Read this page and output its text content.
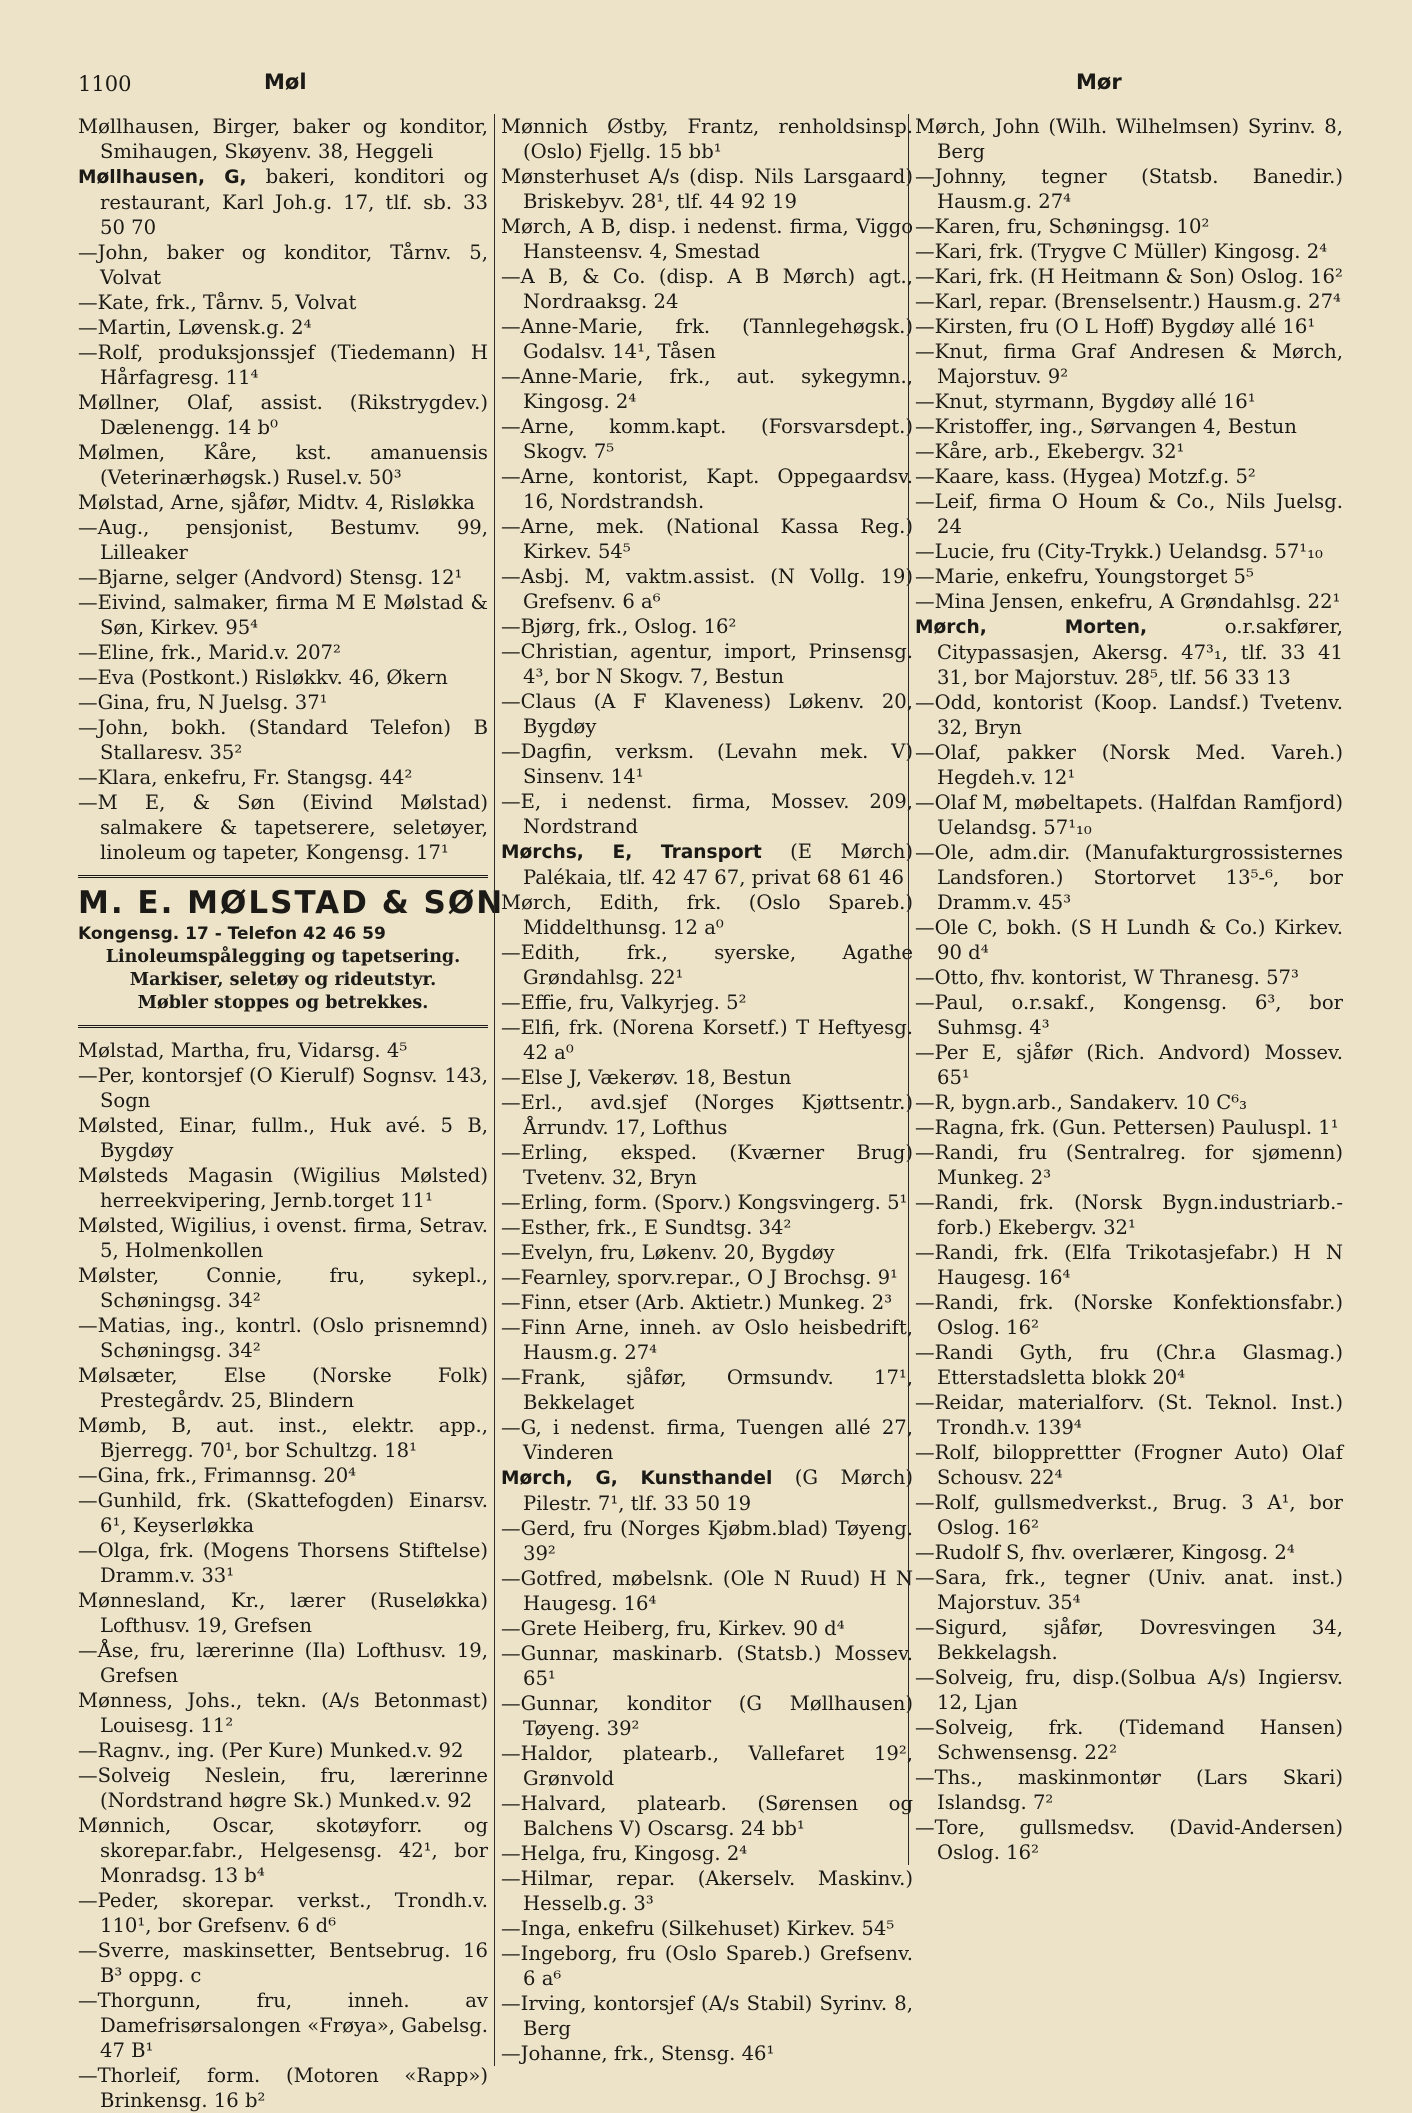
1100	Møl	Mør

Møllhausen, Birger, baker og konditor, Smihaugen, Skøyenv. 38, Heggeli

Møllhausen, G, bakeri, konditori og restaurant, Karl Joh.g. 17, tlf. sb. 33 50 70

—John, baker og konditor, Tårnv. 5, Volvat

—Kate, frk., Tårnv. 5, Volvat

—Martin, Løvensk.g. 2⁴

—Rolf, produksjonssjef (Tiedemann) H Hårfagresg. 11⁴

Møllner, Olaf, assist. (Rikstrygdev.) Dælenengg. 14 b⁰

Mølmen, Kåre, kst. amanuensis (Veterinærhøgsk.) Rusel.v. 50³

Mølstad, Arne, sjåfør, Midtv. 4, Risløkka

—Aug., pensjonist, Bestumv. 99, Lilleaker

—Bjarne, selger (Andvord) Stensg. 12¹

—Eivind, salmaker, firma M E Mølstad & Søn, Kirkev. 95⁴

—Eline, frk., Marid.v. 207²

—Eva (Postkont.) Risløkkv. 46, Økern

—Gina, fru, N Juelsg. 37¹

—John, bokh. (Standard Telefon) B Stallaresv. 35²

—Klara, enkefru, Fr. Stangsg. 44²

—M E, & Søn (Eivind Mølstad) salmakere & tapetserere, seletøyer, linoleum og tapeter, Kongensg. 17¹

M. E. MØLSTAD & SØN
Kongensg. 17 - Telefon 42 46 59
Linoleumspålegging og tapetsering.
Markiser, seletøy og rideutstyr.
Møbler stoppes og betrekkes.

Mølstad, Martha, fru, Vidarsg. 4⁵

—Per, kontorsjef (O Kierulf) Sognsv. 143, Sogn

Mølsted, Einar, fullm., Huk avé. 5 B, Bygdøy

Mølsteds Magasin (Wigilius Mølsted) herreekvipering, Jernb.torget 11¹

Mølsted, Wigilius, i ovenst. firma, Setrav. 5, Holmenkollen

Mølster, Connie, fru, sykepl., Schøningsg. 34²

—Matias, ing., kontrl. (Oslo prisnemnd) Schøningsg. 34²

Mølsæter, Else (Norske Folk) Prestegårdv. 25, Blindern

Mømb, B, aut. inst., elektr. app., Bjerregg. 70¹, bor Schultzg. 18¹

—Gina, frk., Frimannsg. 20⁴

—Gunhild, frk. (Skattefogden) Einarsv. 6¹, Keyserløkka

—Olga, frk. (Mogens Thorsens Stiftelse) Dramm.v. 33¹

Mønnesland, Kr., lærer (Ruseløkka) Lofthusv. 19, Grefsen

—Åse, fru, lærerinne (Ila) Lofthusv. 19, Grefsen

Mønness, Johs., tekn. (A/s Betonmast) Louisesg. 11²

—Ragnv., ing. (Per Kure) Munked.v. 92

—Solveig Neslein, fru, lærerinne (Nordstrand høgre Sk.) Munked.v. 92

Mønnich, Oscar, skotøyforr. og skorepar.fabr., Helgesensg. 42¹, bor Monradsg. 13 b⁴

—Peder, skorepar. verkst., Trondh.v. 110¹, bor Grefsenv. 6 d⁶

—Sverre, maskinsetter, Bentsebrug. 16 B³ oppg. c

—Thorgunn, fru, inneh. av Damefrisørsalongen «Frøya», Gabelsg. 47 B¹

—Thorleif, form. (Motoren «Rapp») Brinkensg. 16 b²

Mønnich Østby, Frantz, renholdsinsp. (Oslo) Fjellg. 15 bb¹

Mønsterhuset A/s (disp. Nils Larsgaard) Briskebyv. 28¹, tlf. 44 92 19

Mørch, A B, disp. i nedenst. firma, Viggo Hansteensv. 4, Smestad

—A B, & Co. (disp. A B Mørch) agt., Nordraaksg. 24

—Anne-Marie, frk. (Tannlegehøgsk.) Godalsv. 14¹, Tåsen

—Anne-Marie, frk., aut. sykegymn., Kingosg. 2⁴

—Arne, komm.kapt. (Forsvarsdept.) Skogv. 7⁵

—Arne, kontorist, Kapt. Oppegaardsv. 16, Nordstrandsh.

—Arne, mek. (National Kassa Reg.) Kirkev. 54⁵

—Asbj. M, vaktm.assist. (N Vollg. 19) Grefsenv. 6 a⁶

—Bjørg, frk., Oslog. 16²

—Christian, agentur, import, Prinsensg. 4³, bor N Skogv. 7, Bestun

—Claus (A F Klaveness) Løkenv. 20, Bygdøy

—Dagfin, verksm. (Levahn mek. V) Sinsenv. 14¹

—E, i nedenst. firma, Mossev. 209, Nordstrand

Mørchs, E, Transport (E Mørch) Palékaia, tlf. 42 47 67, privat 68 61 46

Mørch, Edith, frk. (Oslo Spareb.) Middelthunsg. 12 a⁰

—Edith, frk., syerske, Agathe Grøndahlsg. 22¹

—Effie, fru, Valkyrjeg. 5²

—Elfi, frk. (Norena Korsetf.) T Heftyesg. 42 a⁰

—Else J, Vækerøv. 18, Bestun

—Erl., avd.sjef (Norges Kjøttsentr.) Årrundv. 17, Lofthus

—Erling, eksped. (Kværner Brug) Tvetenv. 32, Bryn

—Erling, form. (Sporv.) Kongsvingerg. 5¹

—Esther, frk., E Sundtsg. 34²

—Evelyn, fru, Løkenv. 20, Bygdøy

—Fearnley, sporv.repar., O J Brochsg. 9¹

—Finn, etser (Arb. Aktietr.) Munkeg. 2³

—Finn Arne, inneh. av Oslo heisbedrift, Hausm.g. 27⁴

—Frank, sjåfør, Ormsundv. 17¹, Bekkelaget

—G, i nedenst. firma, Tuengen allé 27, Vinderen

Mørch, G, Kunsthandel (G Mørch) Pilestr. 7¹, tlf. 33 50 19

—Gerd, fru (Norges Kjøbm.blad) Tøyeng. 39²

—Gotfred, møbelsnk. (Ole N Ruud) H N Haugesg. 16⁴

—Grete Heiberg, fru, Kirkev. 90 d⁴

—Gunnar, maskinarb. (Statsb.) Mossev. 65¹

—Gunnar, konditor (G Møllhausen) Tøyeng. 39²

—Haldor, platearb., Vallefaret 19², Grønvold

—Halvard, platearb. (Sørensen og Balchens V) Oscarsg. 24 bb¹

—Helga, fru, Kingosg. 2⁴

—Hilmar, repar. (Akerselv. Maskinv.) Hesselb.g. 3³

—Inga, enkefru (Silkehuset) Kirkev. 54⁵

—Ingeborg, fru (Oslo Spareb.) Grefsenv. 6 a⁶

—Irving, kontorsjef (A/s Stabil) Syrinv. 8, Berg

—Johanne, frk., Stensg. 46¹

Mørch, John (Wilh. Wilhelmsen) Syrinv. 8, Berg

—Johnny, tegner (Statsb. Banedir.) Hausm.g. 27⁴

—Karen, fru, Schøningsg. 10²

—Kari, frk. (Trygve C Müller) Kingosg. 2⁴

—Kari, frk. (H Heitmann & Son) Oslog. 16²

—Karl, repar. (Brenselsentr.) Hausm.g. 27⁴

—Kirsten, fru (O L Hoff) Bygdøy allé 16¹

—Knut, firma Graf Andresen & Mørch, Majorstuv. 9²

—Knut, styrmann, Bygdøy allé 16¹

—Kristoffer, ing., Sørvangen 4, Bestun

—Kåre, arb., Ekebergv. 32¹

—Kaare, kass. (Hygea) Motzf.g. 5²

—Leif, firma O Houm & Co., Nils Juelsg. 24

—Lucie, fru (City-Trykk.) Uelandsg. 57¹₁₀

—Marie, enkefru, Youngstorget 5⁵

—Mina Jensen, enkefru, A Grøndahlsg. 22¹

Mørch, Morten, o.r.sakfører, Citypassasjen, Akersg. 47³₁, tlf. 33 41 31, bor Majorstuv. 28⁵, tlf. 56 33 13

—Odd, kontorist (Koop. Landsf.) Tvetenv. 32, Bryn

—Olaf, pakker (Norsk Med. Vareh.) Hegdeh.v. 12¹

—Olaf M, møbeltapets. (Halfdan Ramfjord) Uelandsg. 57¹₁₀

—Ole, adm.dir. (Manufakturgrossisternes Landsforen.) Stortorvet 13⁵-⁶, bor Dramm.v. 45³

—Ole C, bokh. (S H Lundh & Co.) Kirkev. 90 d⁴

—Otto, fhv. kontorist, W Thranesg. 57³

—Paul, o.r.sakf., Kongensg. 6³, bor Suhmsg. 4³

—Per E, sjåfør (Rich. Andvord) Mossev. 65¹

—R, bygn.arb., Sandakerv. 10 C⁶₃

—Ragna, frk. (Gun. Pettersen) Pauluspl. 1¹

—Randi, fru (Sentralreg. for sjømenn) Munkeg. 2³

—Randi, frk. (Norsk Bygn.industriarb.-forb.) Ekebergv. 32¹

—Randi, frk. (Elfa Trikotasjefabr.) H N Haugesg. 16⁴

—Randi, frk. (Norske Konfektionsfabr.) Oslog. 16²

—Randi Gyth, fru (Chr.a Glasmag.) Etterstadsletta blokk 20⁴

—Reidar, materialforv. (St. Teknol. Inst.) Trondh.v. 139⁴

—Rolf, bilopprettter (Frogner Auto) Olaf Schousv. 22⁴

—Rolf, gullsmedverkst., Brug. 3 A¹, bor Oslog. 16²

—Rudolf S, fhv. overlærer, Kingosg. 2⁴

—Sara, frk., tegner (Univ. anat. inst.) Majorstuv. 35⁴

—Sigurd, sjåfør, Dovresvingen 34, Bekkelagsh.

—Solveig, fru, disp.(Solbua A/s) Ingiersv. 12, Ljan

—Solveig, frk. (Tidemand Hansen) Schwensensg. 22²

—Ths., maskinmontør (Lars Skari) Islandsg. 7²

—Tore, gullsmedsv. (David-Andersen) Oslog. 16²
